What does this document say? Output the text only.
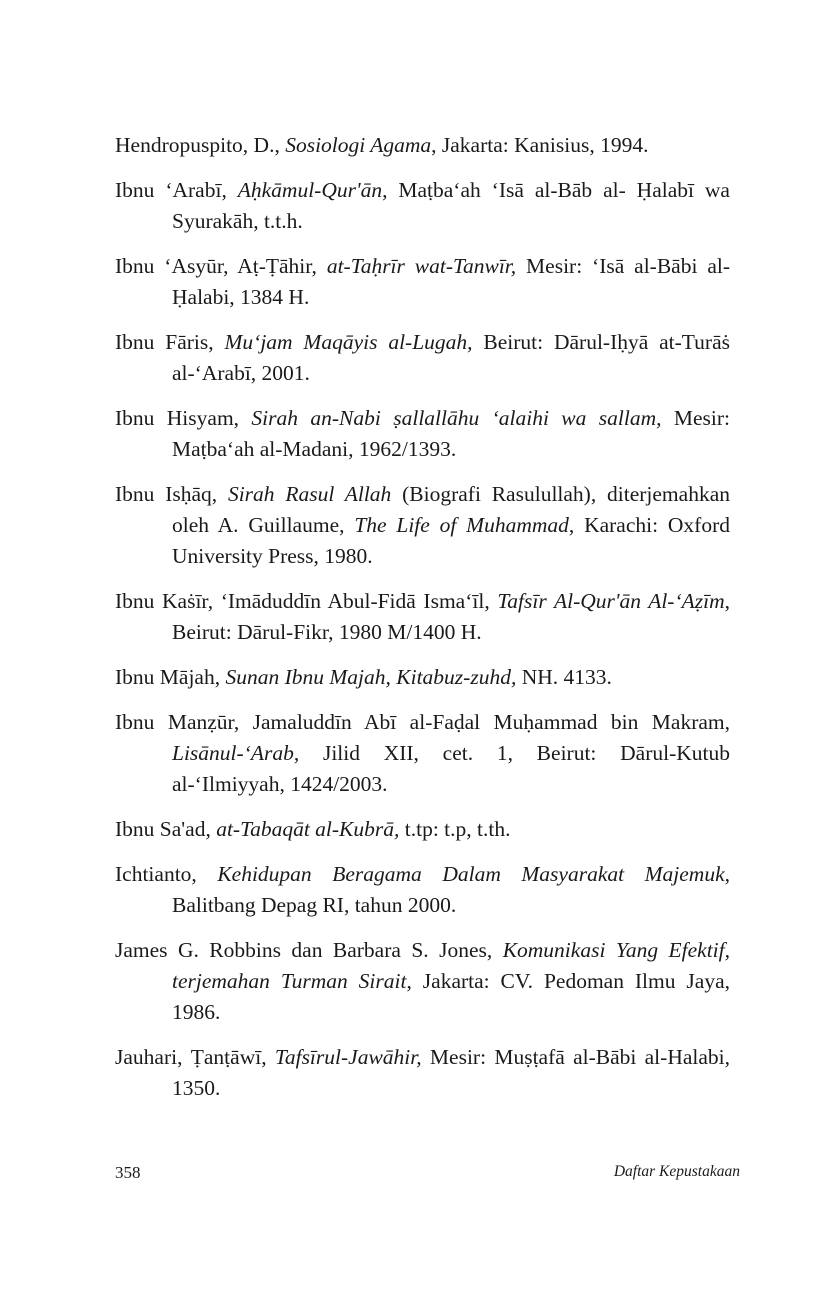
Hendropuspito, D., Sosiologi Agama, Jakarta: Kanisius, 1994.
Ibnu ‘Arabī, Aḥkāmul-Qur'ān, Maṭba‘ah ‘Isā al-Bāb al- Ḥalabī wa Syurakāh, t.t.h.
Ibnu ‘Asyūr, Aṭ-Ṭāhir, at-Taḥrīr wat-Tanwīr, Mesir: ‘Isā al-Bābi al-Ḥalabi, 1384 H.
Ibnu Fāris, Mu‘jam Maqāyis al-Lugah, Beirut: Dārul-Iḥyā at-Turāṡ al-‘Arabī, 2001.
Ibnu Hisyam, Sirah an-Nabi ṣallallāhu ‘alaihi wa sallam, Mesir: Maṭba‘ah al-Madani, 1962/1393.
Ibnu Isḥāq, Sirah Rasul Allah (Biografi Rasulullah), diterjemahkan oleh A. Guillaume, The Life of Muhammad, Karachi: Oxford University Press, 1980.
Ibnu Kaṡīr, ‘Imāduddīn Abul-Fidā Isma‘īl, Tafsīr Al-Qur'ān Al-‘Aẓīm, Beirut: Dārul-Fikr, 1980 M/1400 H.
Ibnu Mājah, Sunan Ibnu Majah, Kitabuz-zuhd, NH. 4133.
Ibnu Manẓūr, Jamaluddīn Abī al-Faḍal Muḥammad bin Makram, Lisānul-‘Arab, Jilid XII, cet. 1, Beirut: Dārul-Kutub al-‘Ilmiyyah, 1424/2003.
Ibnu Sa'ad, at-Tabaqāt al-Kubrā, t.tp: t.p, t.th.
Ichtianto, Kehidupan Beragama Dalam Masyarakat Majemuk, Balitbang Depag RI, tahun 2000.
James G. Robbins dan Barbara S. Jones, Komunikasi Yang Efektif, terjemahan Turman Sirait, Jakarta: CV. Pedoman Ilmu Jaya, 1986.
Jauhari, Ṭanṭāwī, Tafsīrul-Jawāhir, Mesir: Muṣṭafā al-Bābi al-Halabi, 1350.
358	Daftar Kepustakaan
